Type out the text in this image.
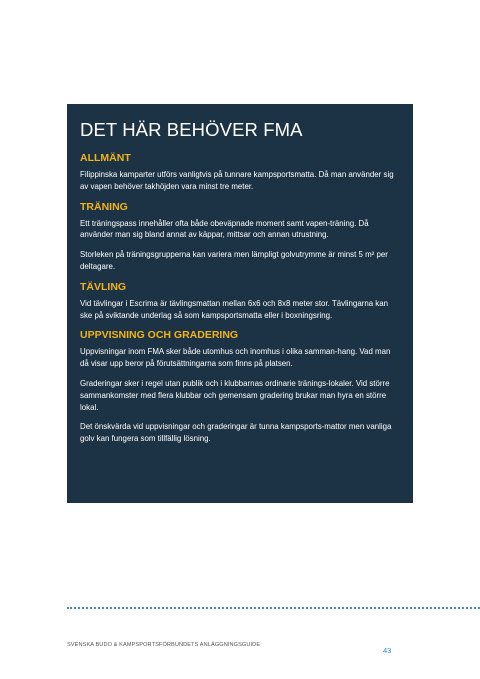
DET HÄR BEHÖVER FMA
ALLMÄNT

Filippinska kamparter utförs vanligtvis på tunnare kampsportsmatta. Då man använder sig av vapen behöver takhöjden vara minst tre meter.

TRÄNING

Ett träningspass innehåller ofta både obeväpnade moment samt vapen-träning. Då använder man sig bland annat av käppar, mittsar och annan utrustning.

Storleken på träningsgrupperna kan variera men lämpligt golvutrymme är minst 5 m² per deltagare.

TÄVLING

Vid tävlingar i Escrima är tävlingsmattan mellan 6x6 och 8x8 meter stor. Tävlingarna kan ske på sviktande underlag så som kampsportsmatta eller i boxningsring.

UPPVISNING OCH GRADERING

Uppvisningar inom FMA sker både utomhus och inomhus i olika samman-hang. Vad man då visar upp beror på förutsättningarna som finns på platsen.

Graderingar sker i regel utan publik och i klubbarnas ordinarie tränings-lokaler. Vid större sammankomster med flera klubbar och gemensam gradering brukar man hyra en större lokal.

Det önskvärda vid uppvisningar och graderingar är tunna kampsports-mattor men vanliga golv kan fungera som tillfällig lösning.

SVENSKA BUDO & KAMPSPORTSFÖRBUNDETS ANLÄGGNINGSGUIDE
43
